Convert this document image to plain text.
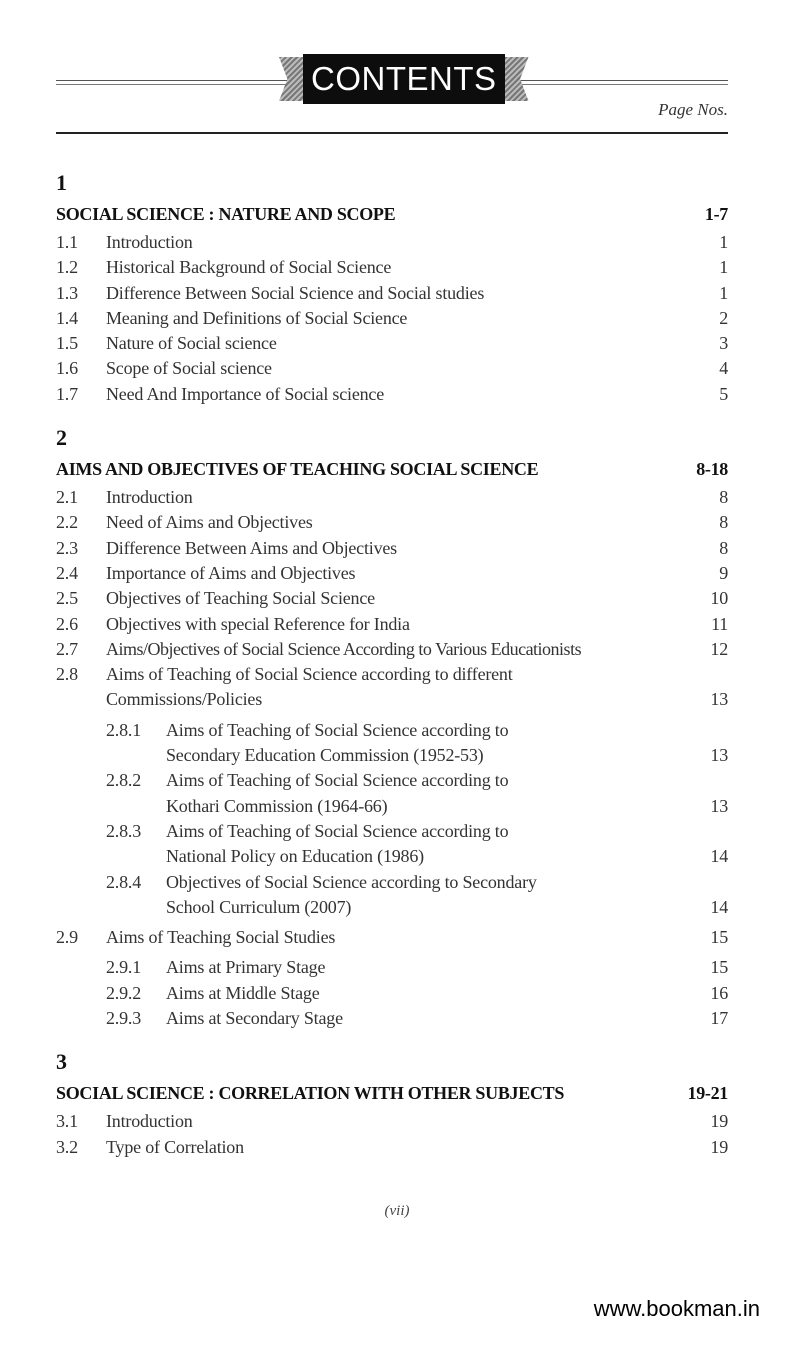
CONTENTS
Page Nos.
1
SOCIAL SCIENCE : NATURE AND SCOPE	1-7
1.1	Introduction	1
1.2	Historical Background of Social Science	1
1.3	Difference Between Social Science and Social studies	1
1.4	Meaning and Definitions of Social Science	2
1.5	Nature of Social science	3
1.6	Scope of Social science	4
1.7	Need And Importance of Social science	5
2
AIMS AND OBJECTIVES OF TEACHING SOCIAL SCIENCE	8-18
2.1	Introduction	8
2.2	Need of Aims and Objectives	8
2.3	Difference Between Aims and Objectives	8
2.4	Importance of Aims and Objectives	9
2.5	Objectives of Teaching Social Science	10
2.6	Objectives with special Reference for India	11
2.7	Aims/Objectives of Social Science According to Various Educationists	12
2.8	Aims of Teaching of Social Science according to different Commissions/Policies	13
2.8.1	Aims of Teaching of Social Science according to Secondary Education Commission (1952-53)	13
2.8.2	Aims of Teaching of Social Science according to Kothari Commission (1964-66)	13
2.8.3	Aims of Teaching of Social Science according to National Policy on Education (1986)	14
2.8.4	Objectives of Social Science according to Secondary School Curriculum (2007)	14
2.9	Aims of Teaching Social Studies	15
2.9.1	Aims at Primary Stage	15
2.9.2	Aims at Middle Stage	16
2.9.3	Aims at Secondary Stage	17
3
SOCIAL SCIENCE : CORRELATION WITH OTHER SUBJECTS	19-21
3.1	Introduction	19
3.2	Type of Correlation	19
(vii)
www.bookman.in
